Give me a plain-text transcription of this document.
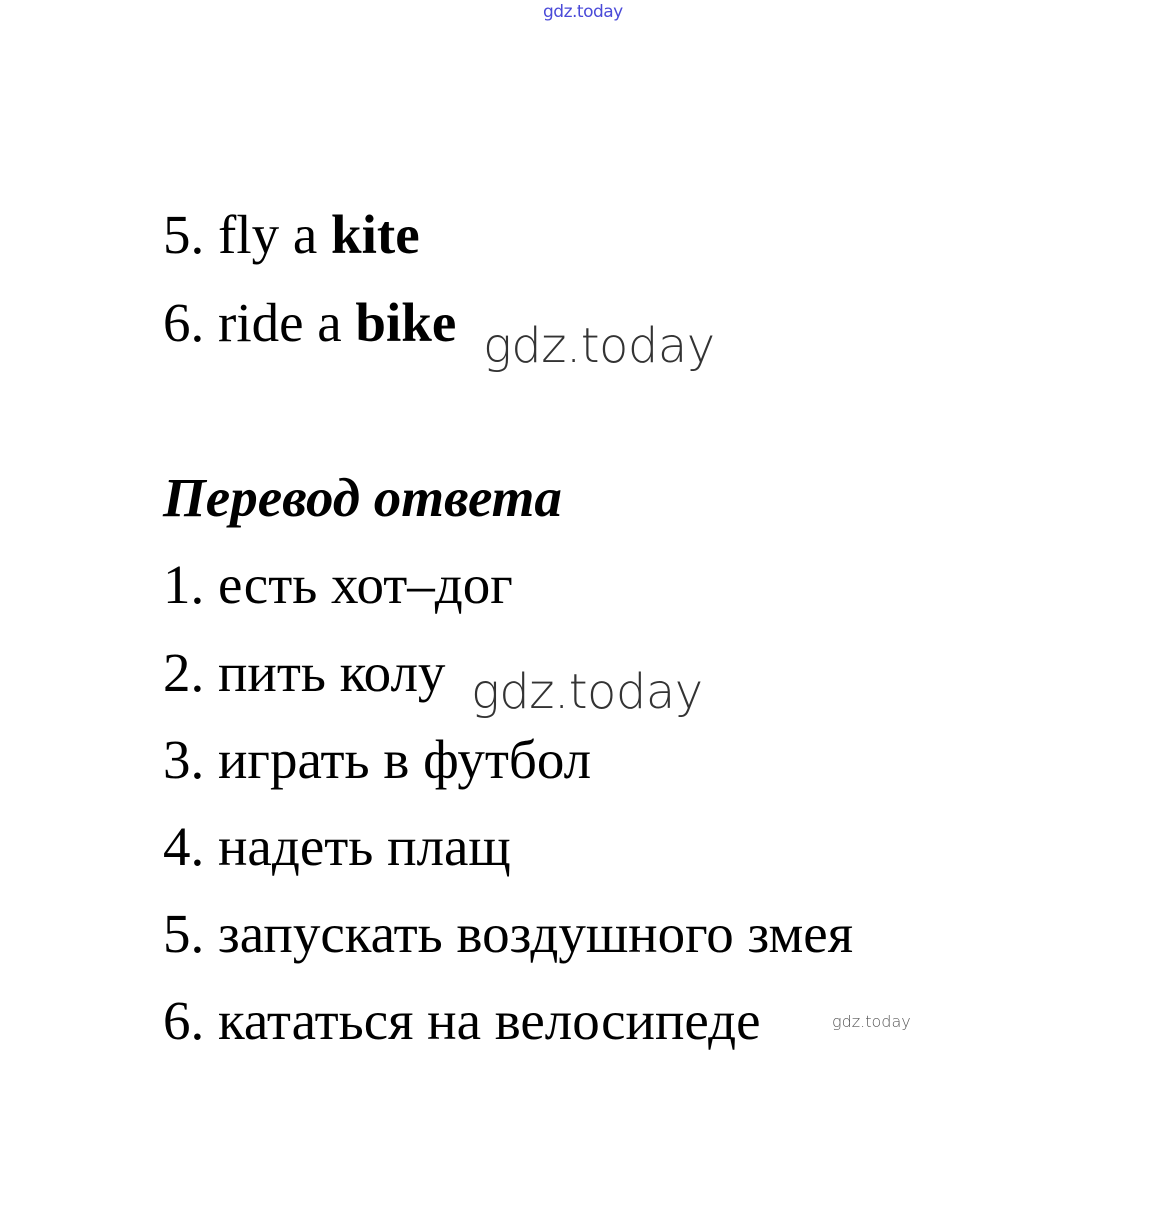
gdz.today
5. fly a kite
6. ride a bike gdz.today
Перевод ответа
1. есть хот–дог
2. пить колу gdz.today
3. играть в футбол
4. надеть плащ
5. запускать воздушного змея
6. кататься на велосипеде	gdz.today
